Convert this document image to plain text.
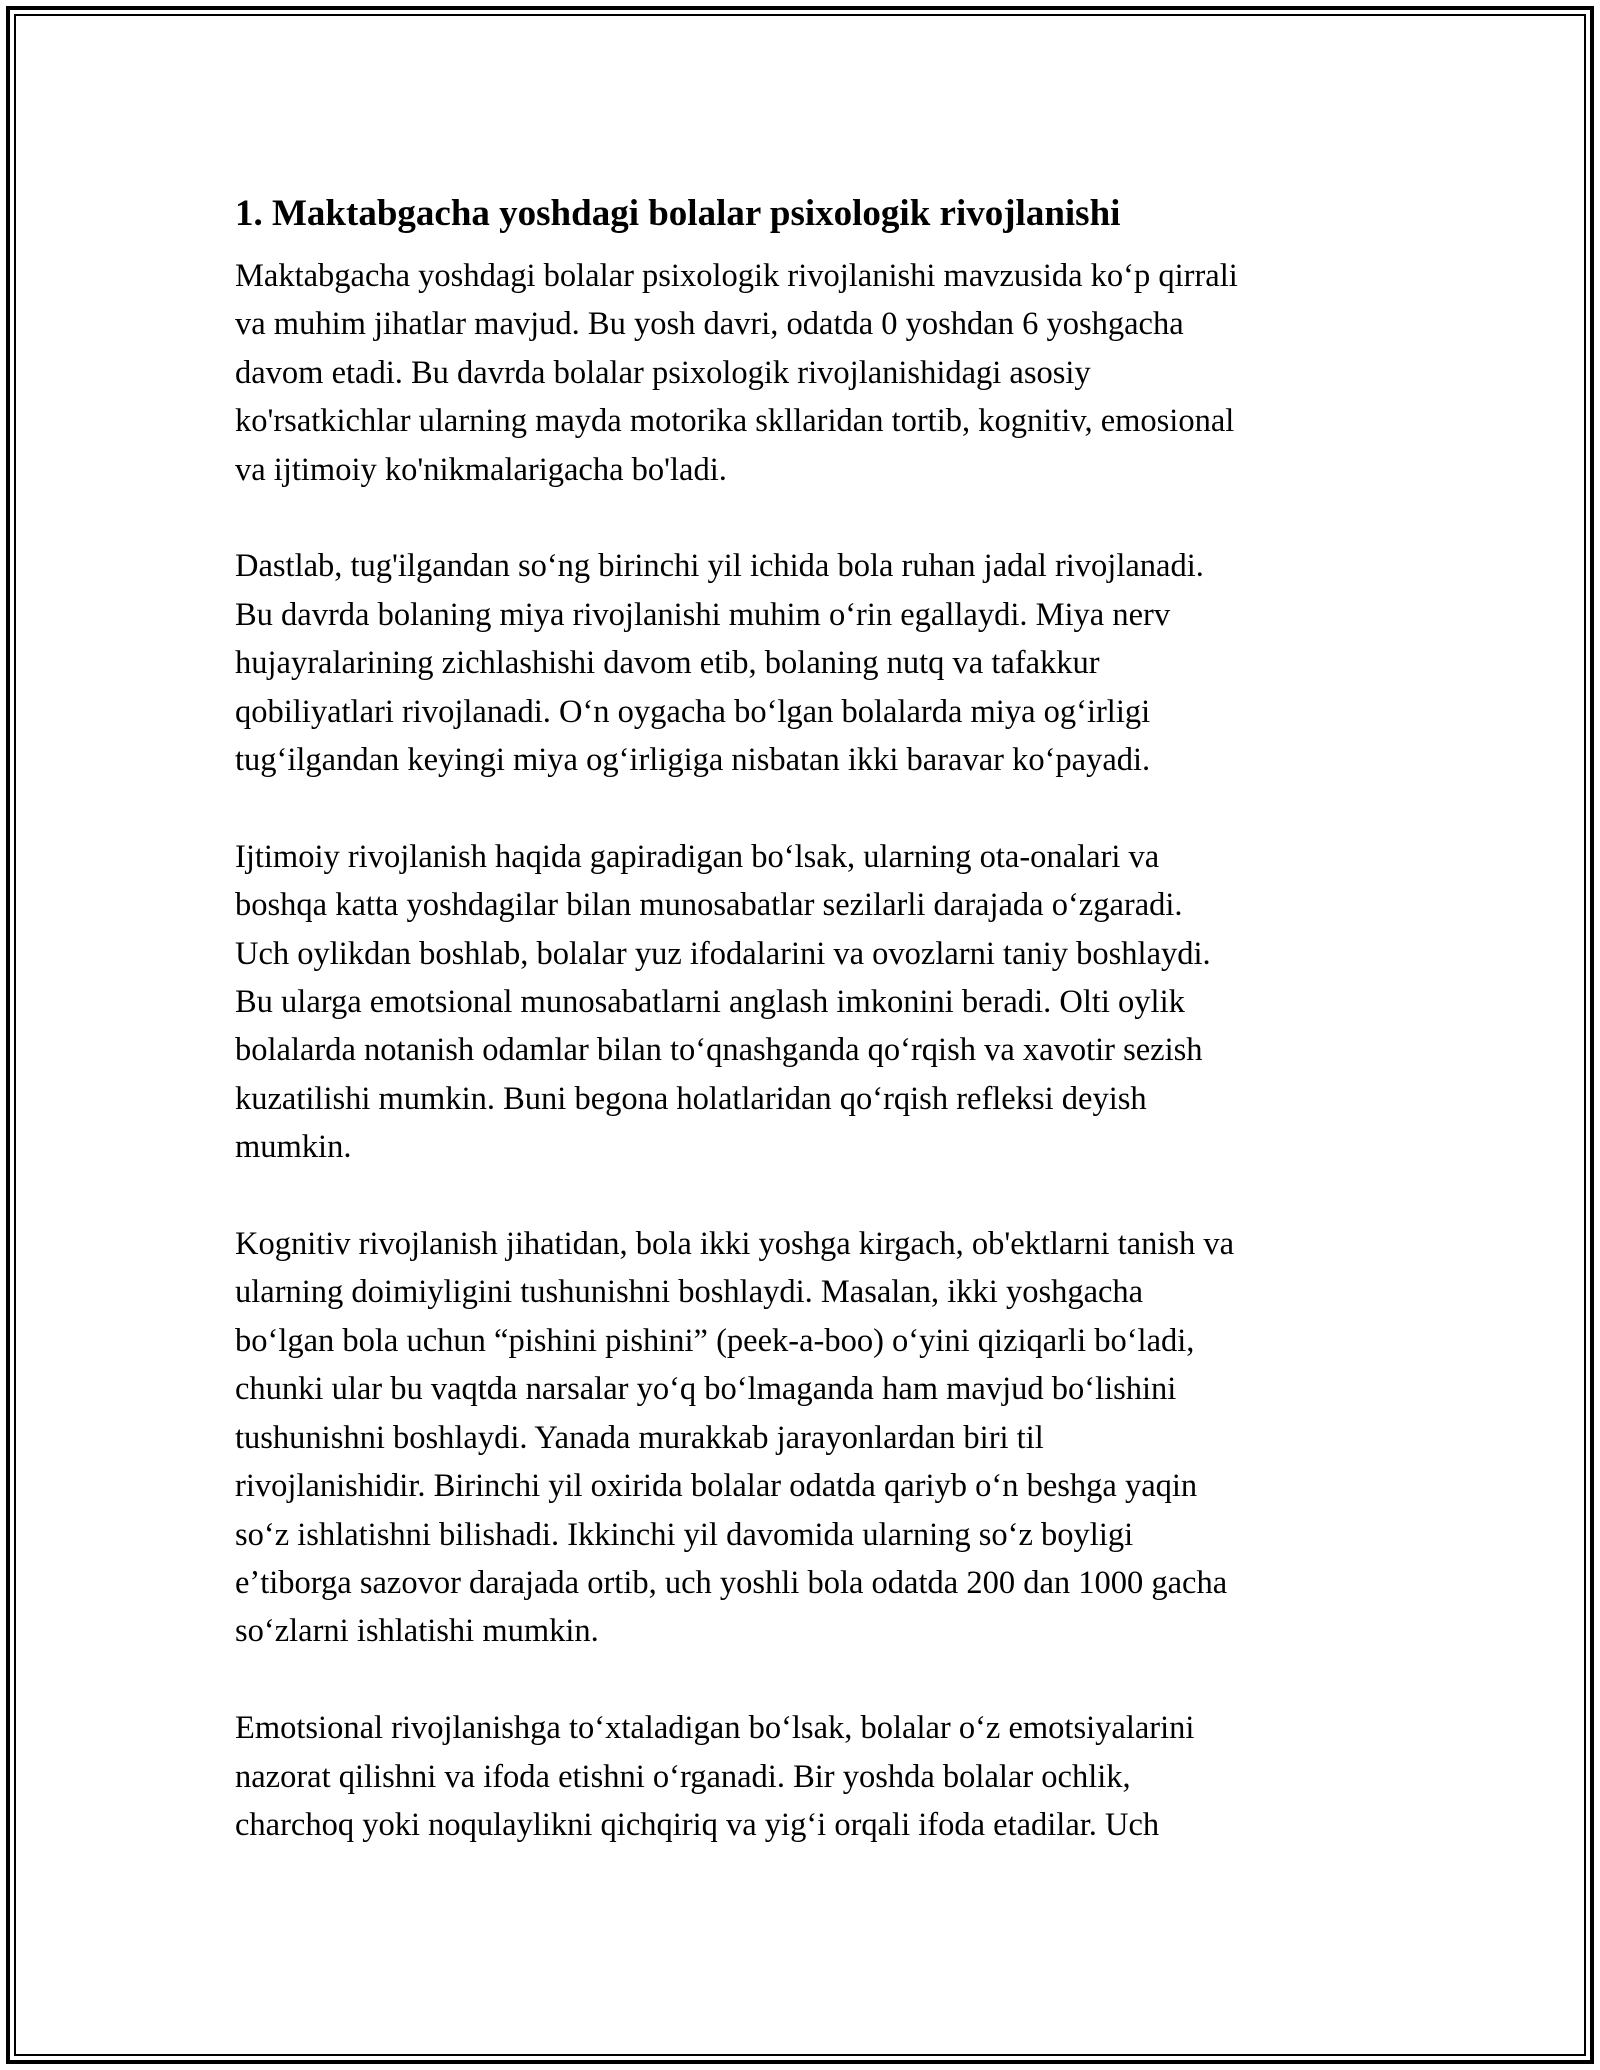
1. Maktabgacha yoshdagi bolalar psixologik rivojlanishi

Maktabgacha yoshdagi bolalar psixologik rivojlanishi mavzusida koʻp qirrali
va muhim jihatlar mavjud. Bu yosh davri, odatda 0 yoshdan 6 yoshgacha
davom etadi. Bu davrda bolalar psixologik rivojlanishidagi asosiy
ko'rsatkichlar ularning mayda motorika skllaridan tortib, kognitiv, emosional
va ijtimoiy ko'nikmalarigacha bo'ladi.

Dastlab, tug'ilgandan soʻng birinchi yil ichida bola ruhan jadal rivojlanadi.
Bu davrda bolaning miya rivojlanishi muhim oʻrin egallaydi. Miya nerv
hujayralarining zichlashishi davom etib, bolaning nutq va tafakkur
qobiliyatlari rivojlanadi. Oʻn oygacha boʻlgan bolalarda miya ogʻirligi
tugʻilgandan keyingi miya ogʻirligiga nisbatan ikki baravar koʻpayadi.

Ijtimoiy rivojlanish haqida gapiradigan boʻlsak, ularning ota-onalari va
boshqa katta yoshdagilar bilan munosabatlar sezilarli darajada oʻzgaradi.
Uch oylikdan boshlab, bolalar yuz ifodalarini va ovozlarni taniy boshlaydi.
Bu ularga emotsional munosabatlarni anglash imkonini beradi. Olti oylik
bolalarda notanish odamlar bilan toʻqnashganda qoʻrqish va xavotir sezish
kuzatilishi mumkin. Buni begona holatlaridan qoʻrqish refleksi deyish
mumkin.

Kognitiv rivojlanish jihatidan, bola ikki yoshga kirgach, ob'ektlarni tanish va
ularning doimiyligini tushunishni boshlaydi. Masalan, ikki yoshgacha
boʻlgan bola uchun “pishini pishini” (peek-a-boo) oʻyini qiziqarli boʻladi,
chunki ular bu vaqtda narsalar yoʻq boʻlmaganda ham mavjud boʻlishini
tushunishni boshlaydi. Yanada murakkab jarayonlardan biri til
rivojlanishidir. Birinchi yil oxirida bolalar odatda qariyb oʻn beshga yaqin
soʻz ishlatishni bilishadi. Ikkinchi yil davomida ularning soʻz boyligi
eʼtiborga sazovor darajada ortib, uch yoshli bola odatda 200 dan 1000 gacha
soʻzlarni ishlatishi mumkin.

Emotsional rivojlanishga toʻxtaladigan boʻlsak, bolalar oʻz emotsiyalarini
nazorat qilishni va ifoda etishni oʻrganadi. Bir yoshda bolalar ochlik,
charchoq yoki noqulaylikni qichqiriq va yigʻi orqali ifoda etadilar. Uch
